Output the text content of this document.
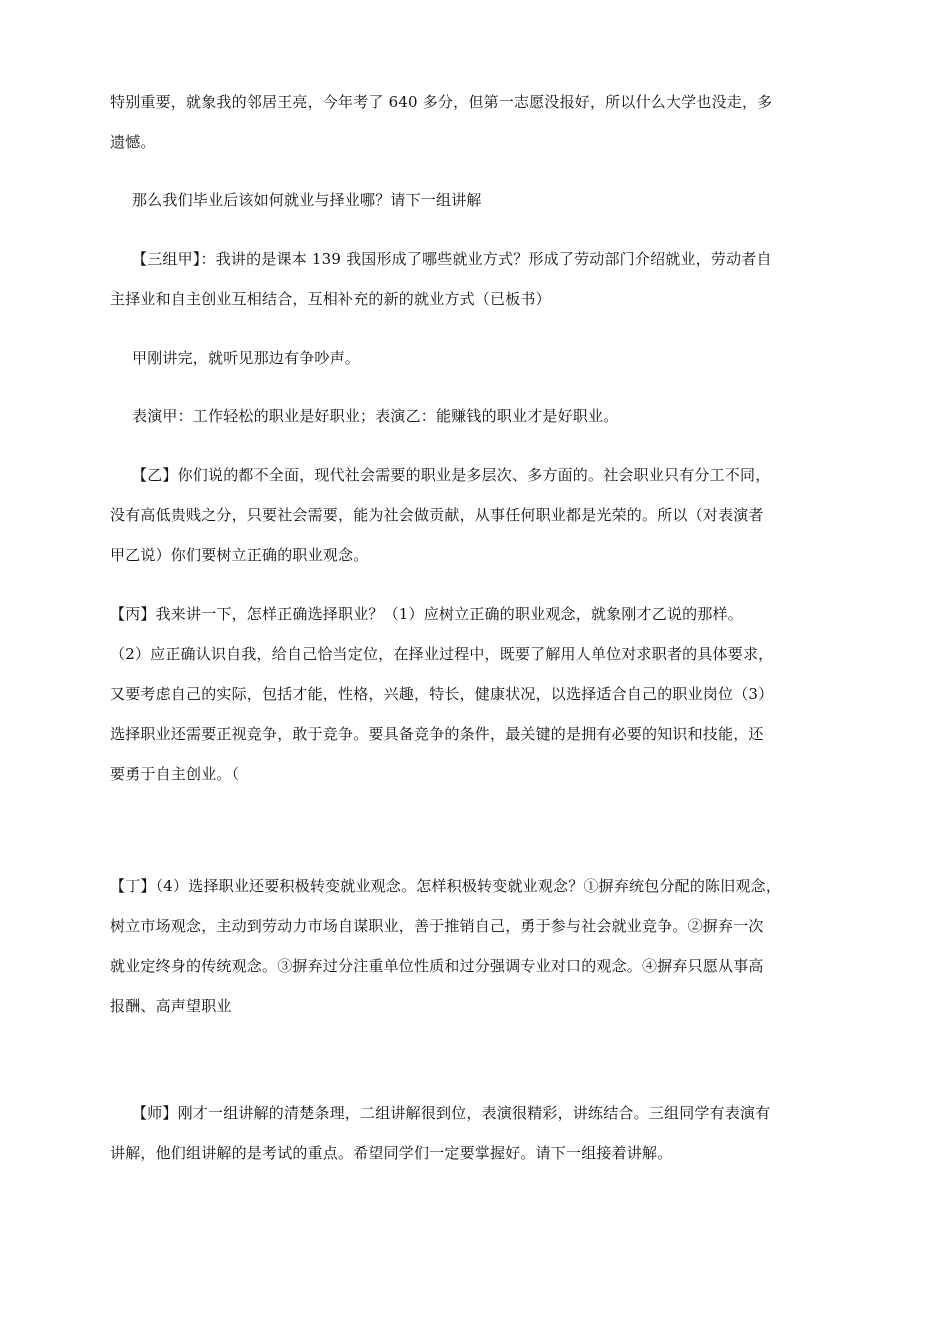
特别重要，就象我的邻居王亮，今年考了 640 多分，但第一志愿没报好，所以什么大学也没走，多
遗憾。
那么我们毕业后该如何就业与择业哪？请下一组讲解
【三组甲】：我讲的是课本 139 我国形成了哪些就业方式？形成了劳动部门介绍就业，劳动者自
主择业和自主创业互相结合，互相补充的新的就业方式（已板书）
甲刚讲完，就听见那边有争吵声。
表演甲：工作轻松的职业是好职业；表演乙：能赚钱的职业才是好职业。
【乙】你们说的都不全面，现代社会需要的职业是多层次、多方面的。社会职业只有分工不同，
没有高低贵贱之分，只要社会需要，能为社会做贡献，从事任何职业都是光荣的。所以（对表演者
甲乙说）你们要树立正确的职业观念。
【丙】我来讲一下，怎样正确选择职业？（1）应树立正确的职业观念，就象刚才乙说的那样。
（2）应正确认识自我，给自己恰当定位，在择业过程中，既要了解用人单位对求职者的具体要求，
又要考虑自己的实际，包括才能，性格，兴趣，特长，健康状况，以选择适合自己的职业岗位（3）
选择职业还需要正视竞争，敢于竞争。要具备竞争的条件，最关键的是拥有必要的知识和技能，还
要勇于自主创业。（
【丁】（4）选择职业还要积极转变就业观念。怎样积极转变就业观念？①摒弃统包分配的陈旧观念，
树立市场观念，主动到劳动力市场自谋职业，善于推销自己，勇于参与社会就业竞争。②摒弃一次
就业定终身的传统观念。③摒弃过分注重单位性质和过分强调专业对口的观念。④摒弃只愿从事高
报酬、高声望职业
【师】刚才一组讲解的清楚条理，二组讲解很到位，表演很精彩，讲练结合。三组同学有表演有
讲解，他们组讲解的是考试的重点。希望同学们一定要掌握好。请下一组接着讲解。
